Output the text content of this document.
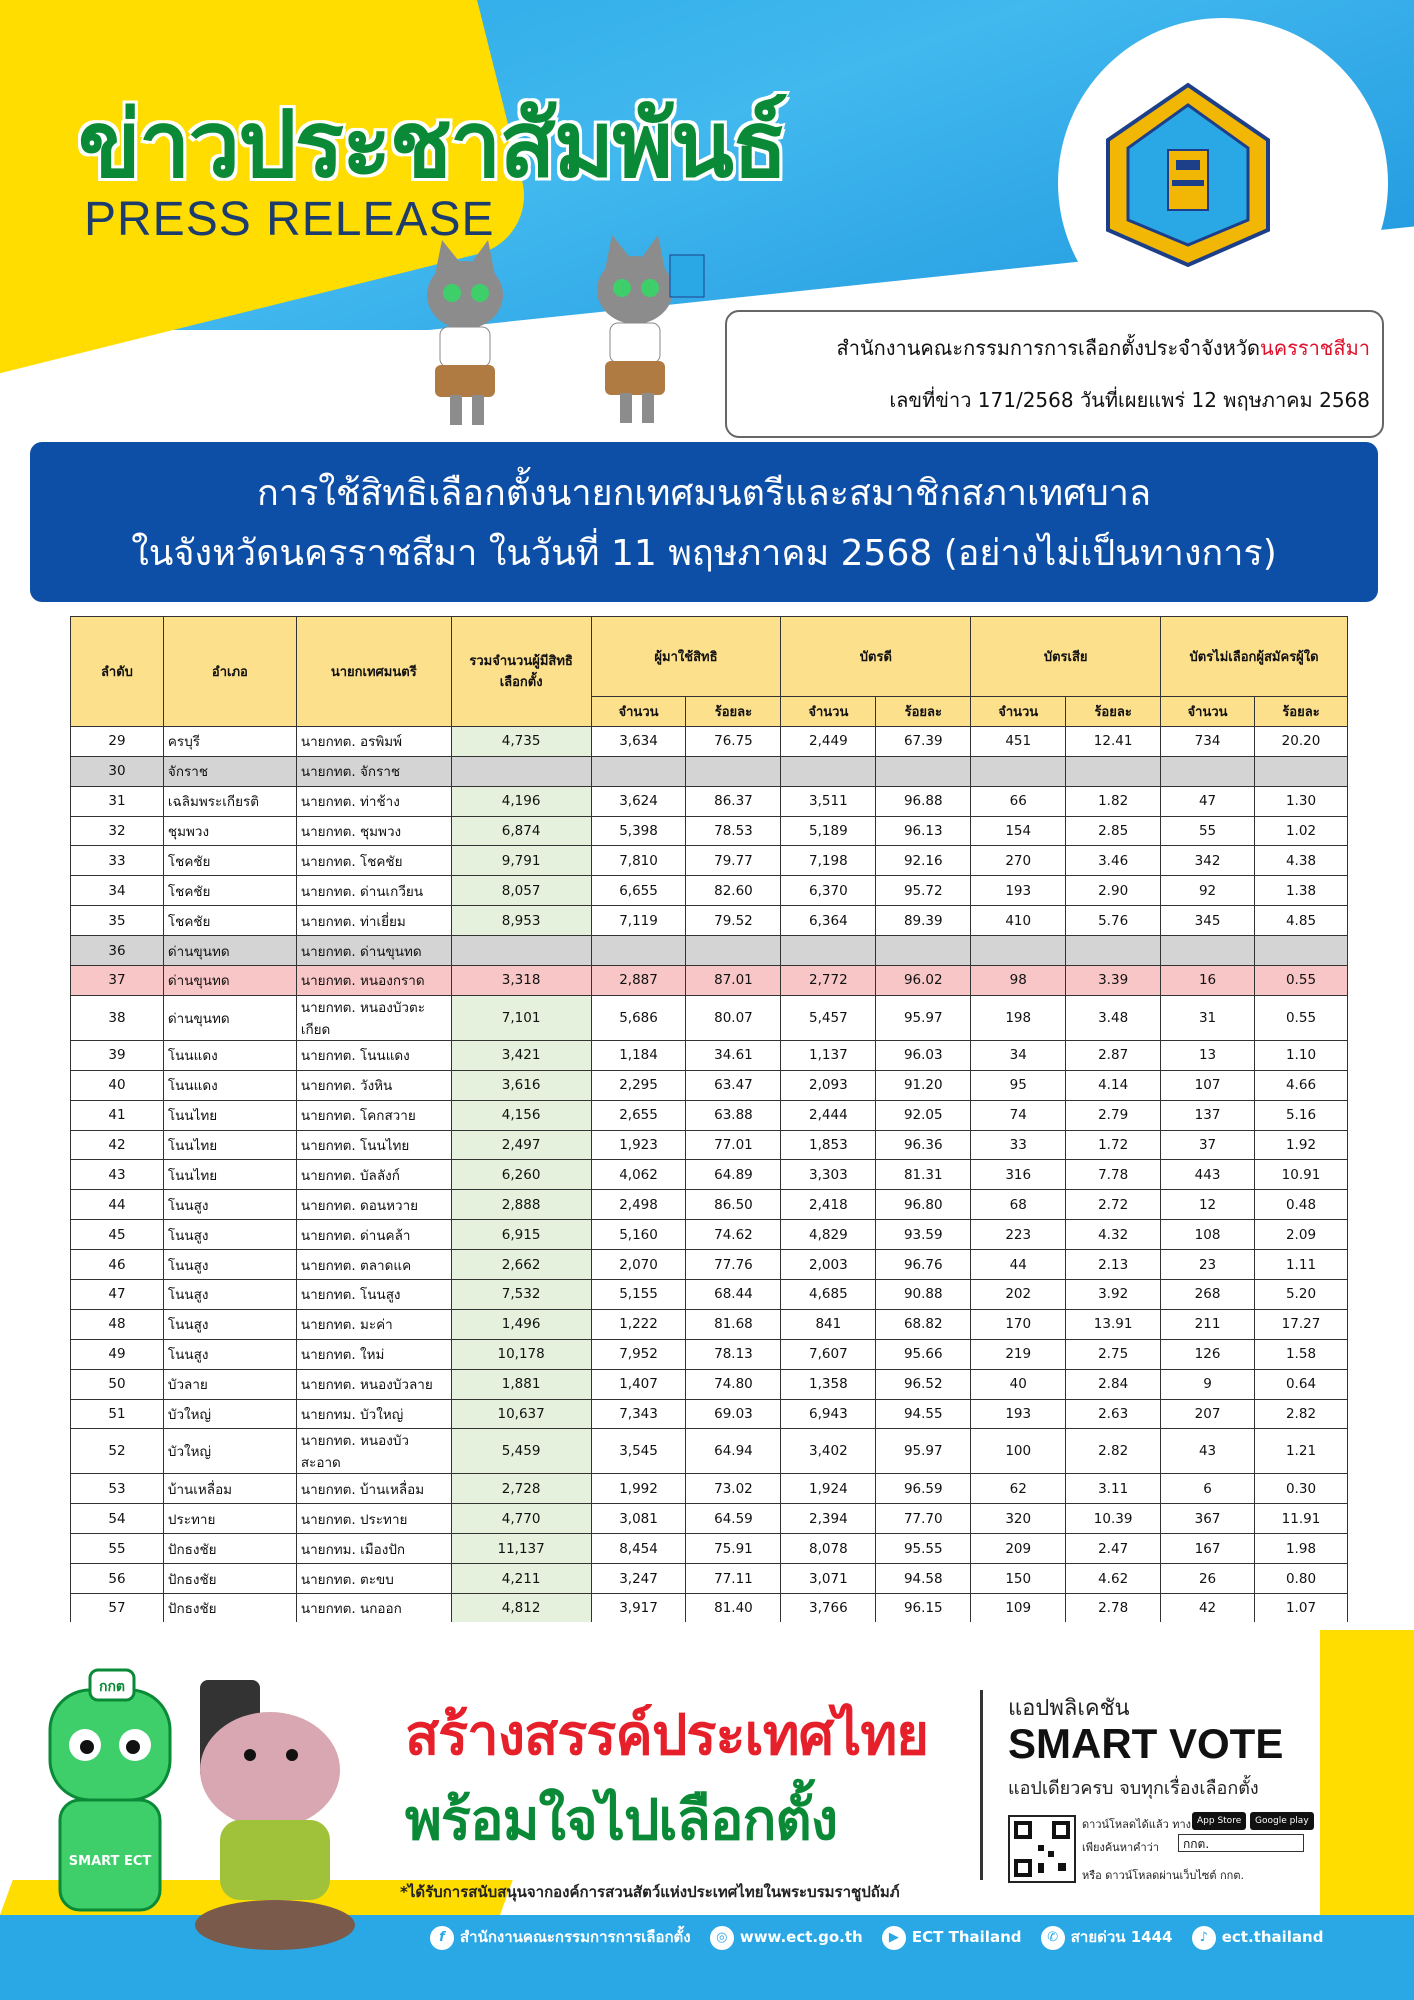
ข่าวประชาสัมพันธ์
PRESS RELEASE
สำนักงานคณะกรรมการการเลือกตั้งประจำจังหวัดนครราชสีมา
เลขที่ข่าว 171/2568 วันที่เผยแพร่ 12 พฤษภาคม 2568
การใช้สิทธิเลือกตั้งนายกเทศมนตรีและสมาชิกสภาเทศบาล
ในจังหวัดนครราชสีมา ในวันที่ 11 พฤษภาคม 2568 (อย่างไม่เป็นทางการ)
ลำดับ	อำเภอ	นายกเทศมนตรี	รวมจำนวนผู้มีสิทธิเลือกตั้ง	ผู้มาใช้สิทธิ		บัตรดี		บัตรเสีย		บัตรไม่เลือกผู้สมัครผู้ใด	
				จำนวน	ร้อยละ	จำนวน	ร้อยละ	จำนวน	ร้อยละ	จำนวน	ร้อยละ
29	ครบุรี	นายกทต. อรพิมพ์	4,735	3,634	76.75	2,449	67.39	451	12.41	734	20.20
30	จักราช	นายกทต. จักราช									
31	เฉลิมพระเกียรติ	นายกทต. ท่าช้าง	4,196	3,624	86.37	3,511	96.88	66	1.82	47	1.30
32	ชุมพวง	นายกทต. ชุมพวง	6,874	5,398	78.53	5,189	96.13	154	2.85	55	1.02
33	โชคชัย	นายกทต. โชคชัย	9,791	7,810	79.77	7,198	92.16	270	3.46	342	4.38
34	โชคชัย	นายกทต. ด่านเกวียน	8,057	6,655	82.60	6,370	95.72	193	2.90	92	1.38
35	โชคชัย	นายกทต. ท่าเยี่ยม	8,953	7,119	79.52	6,364	89.39	410	5.76	345	4.85
36	ด่านขุนทด	นายกทต. ด่านขุนทด									
37	ด่านขุนทด	นายกทต. หนองกราด	3,318	2,887	87.01	2,772	96.02	98	3.39	16	0.55
38	ด่านขุนทด	นายกทต. หนองบัวตะเกียด	7,101	5,686	80.07	5,457	95.97	198	3.48	31	0.55
39	โนนแดง	นายกทต. โนนแดง	3,421	1,184	34.61	1,137	96.03	34	2.87	13	1.10
40	โนนแดง	นายกทต. วังหิน	3,616	2,295	63.47	2,093	91.20	95	4.14	107	4.66
41	โนนไทย	นายกทต. โคกสวาย	4,156	2,655	63.88	2,444	92.05	74	2.79	137	5.16
42	โนนไทย	นายกทต. โนนไทย	2,497	1,923	77.01	1,853	96.36	33	1.72	37	1.92
43	โนนไทย	นายกทต. บัลลังก์	6,260	4,062	64.89	3,303	81.31	316	7.78	443	10.91
44	โนนสูง	นายกทต. ดอนหวาย	2,888	2,498	86.50	2,418	96.80	68	2.72	12	0.48
45	โนนสูง	นายกทต. ด่านคล้า	6,915	5,160	74.62	4,829	93.59	223	4.32	108	2.09
46	โนนสูง	นายกทต. ตลาดแค	2,662	2,070	77.76	2,003	96.76	44	2.13	23	1.11
47	โนนสูง	นายกทต. โนนสูง	7,532	5,155	68.44	4,685	90.88	202	3.92	268	5.20
48	โนนสูง	นายกทต. มะค่า	1,496	1,222	81.68	841	68.82	170	13.91	211	17.27
49	โนนสูง	นายกทต. ใหม่	10,178	7,952	78.13	7,607	95.66	219	2.75	126	1.58
50	บัวลาย	นายกทต. หนองบัวลาย	1,881	1,407	74.80	1,358	96.52	40	2.84	9	0.64
51	บัวใหญ่	นายกทม. บัวใหญ่	10,637	7,343	69.03	6,943	94.55	193	2.63	207	2.82
52	บัวใหญ่	นายกทต. หนองบัวสะอาด	5,459	3,545	64.94	3,402	95.97	100	2.82	43	1.21
53	บ้านเหลื่อม	นายกทต. บ้านเหลื่อม	2,728	1,992	73.02	1,924	96.59	62	3.11	6	0.30
54	ประทาย	นายกทต. ประทาย	4,770	3,081	64.59	2,394	77.70	320	10.39	367	11.91
55	ปักธงชัย	นายกทม. เมืองปัก	11,137	8,454	75.91	8,078	95.55	209	2.47	167	1.98
56	ปักธงชัย	นายกทต. ตะขบ	4,211	3,247	77.11	3,071	94.58	150	4.62	26	0.80
57	ปักธงชัย	นายกทต. นกออก	4,812	3,917	81.40	3,766	96.15	109	2.78	42	1.07

กกต
SMART ECT
สร้างสรรค์ประเทศไทย
พร้อมใจไปเลือกตั้ง
*ได้รับการสนับสนุนจากองค์การสวนสัตว์แห่งประเทศไทยในพระบรมราชูปถัมภ์
แอปพลิเคชัน
SMART VOTE
แอปเดียวครบ จบทุกเรื่องเลือกตั้ง
ดาวน์โหลดได้แล้ว ทาง App Store	Google play
เพียงค้นหาคำว่า	กกต.
หรือ ดาวน์โหลดผ่านเว็บไซต์ กกต.
f สำนักงานคณะกรรมการการเลือกตั้ง ◎ www.ect.go.th ▶ ECT Thailand ✆ สายด่วน 1444 ♪ ect.thailand
